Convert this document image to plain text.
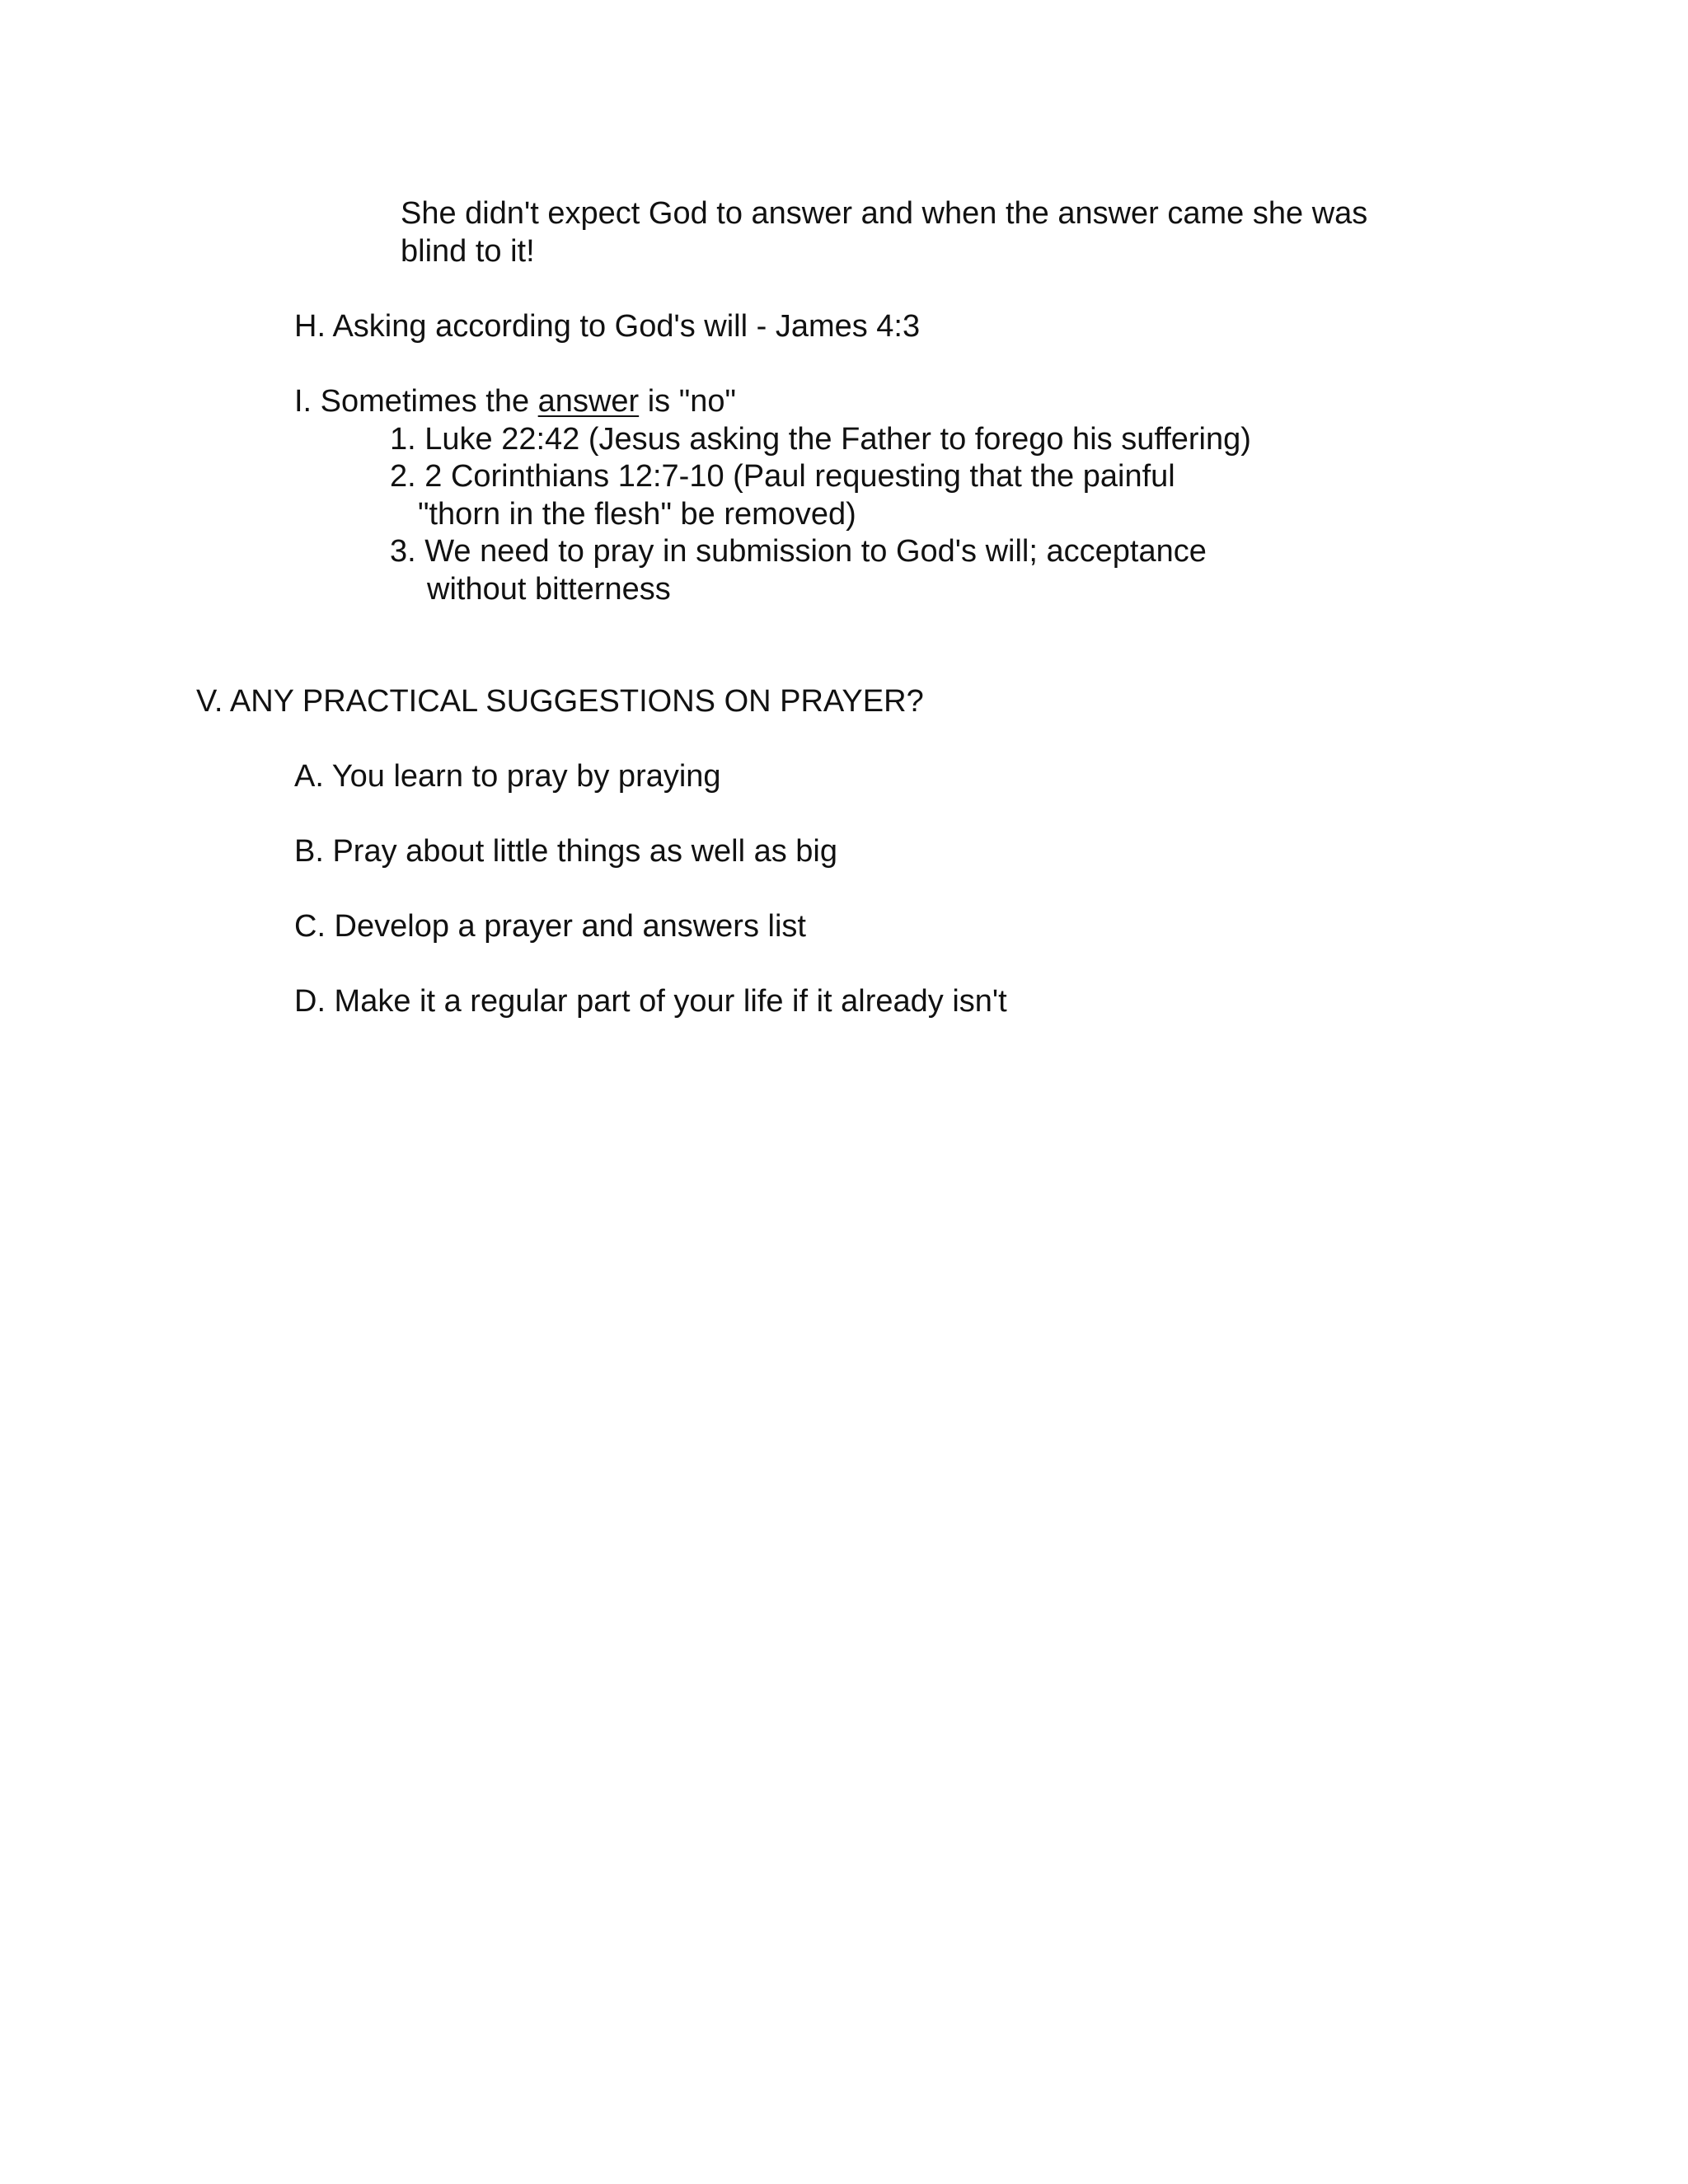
She didn't expect God to answer and when the answer came she was
blind to it!
H. Asking according to God's will - James 4:3
I. Sometimes the answer is "no"
1. Luke 22:42 (Jesus asking the Father to forego his suffering)
2. 2 Corinthians 12:7-10 (Paul requesting that the painful
"thorn in the flesh" be removed)
3. We need to pray in submission to God's will; acceptance
without bitterness
V. ANY PRACTICAL SUGGESTIONS ON PRAYER?
A. You learn to pray by praying
B. Pray about little things as well as big
C. Develop a prayer and answers list
D. Make it a regular part of your life if it already isn't
